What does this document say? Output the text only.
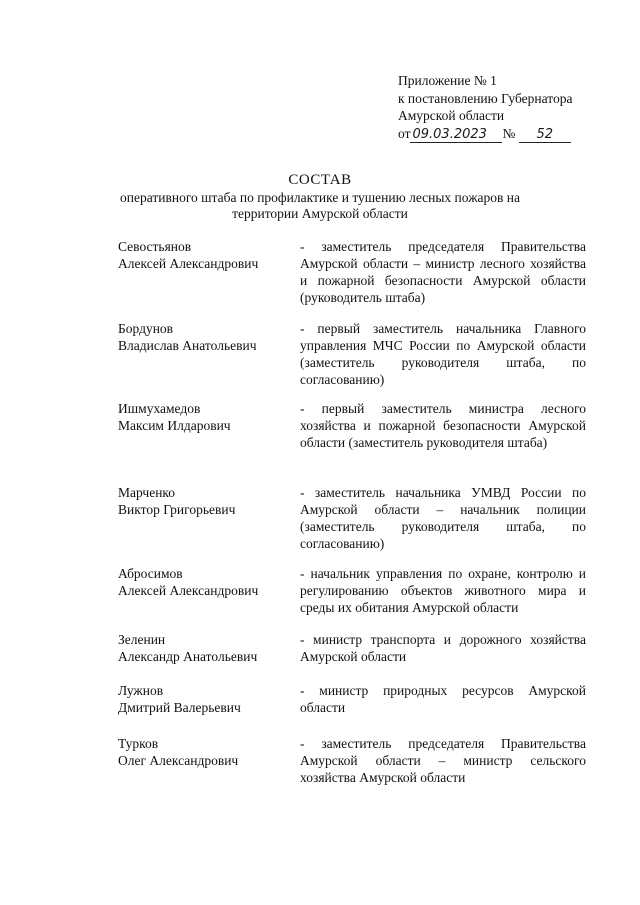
Приложение № 1
к постановлению Губернатора
Амурской области
от 09.03.2023 № 52
СОСТАВ
оперативного штаба по профилактике и тушению лесных пожаров на
территории Амурской области
Севостьянов
Алексей Александрович
- заместитель председателя Правительства Амурской области – министр лесного хозяйства и пожарной безопасности Амурской области (руководитель штаба)
Бордунов
Владислав Анатольевич
- первый заместитель начальника Главного управления МЧС России по Амурской области (заместитель руководителя штаба, по согласованию)
Ишмухамедов
Максим Илдарович
- первый заместитель министра лесного хозяйства и пожарной безопасности Амурской области (заместитель руководителя штаба)
Марченко
Виктор Григорьевич
- заместитель начальника УМВД России по Амурской области – начальник полиции (заместитель руководителя штаба, по согласованию)
Абросимов
Алексей Александрович
- начальник управления по охране, контролю и регулированию объектов животного мира и среды их обитания Амурской области
Зеленин
Александр Анатольевич
- министр транспорта и дорожного хозяйства Амурской области
Лужнов
Дмитрий Валерьевич
- министр природных ресурсов Амурской области
Турков
Олег Александрович
- заместитель председателя Правительства Амурской области – министр сельского хозяйства Амурской области
